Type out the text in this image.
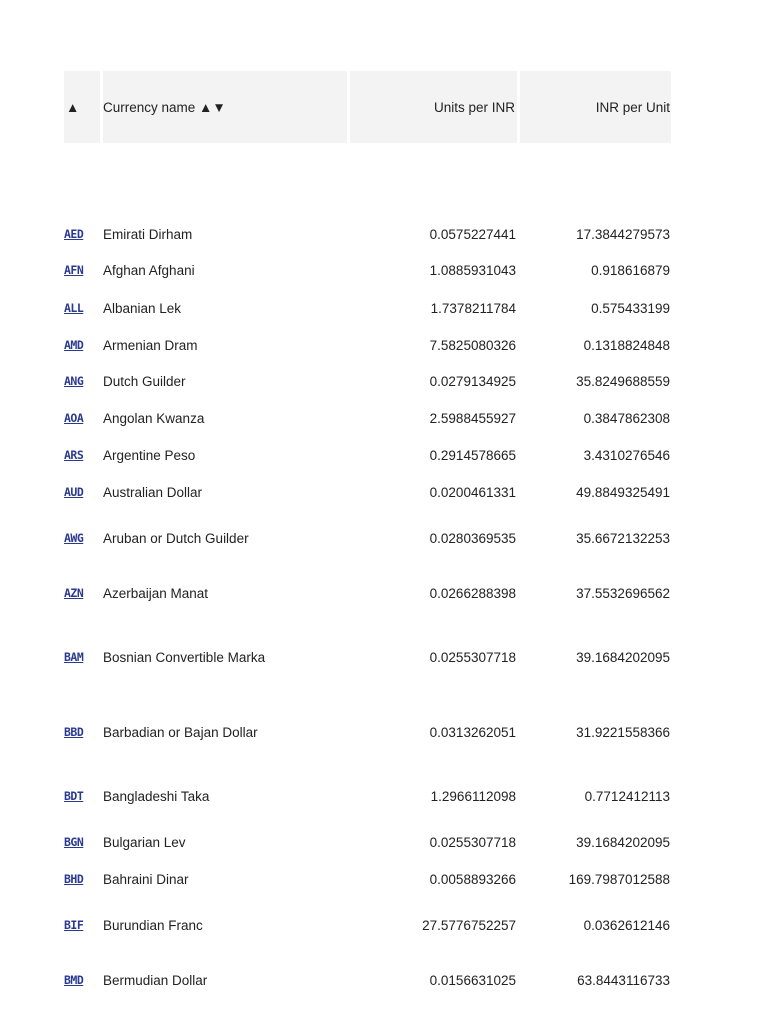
▲	Currency name ▲▼	Units per INR	INR per Unit
AED	Emirati Dirham	0.0575227441	17.3844279573
AFN	Afghan Afghani	1.0885931043	0.918616879
ALL	Albanian Lek	1.7378211784	0.575433199
AMD	Armenian Dram	7.5825080326	0.1318824848
ANG	Dutch Guilder	0.0279134925	35.8249688559
AOA	Angolan Kwanza	2.5988455927	0.3847862308
ARS	Argentine Peso	0.2914578665	3.4310276546
AUD	Australian Dollar	0.0200461331	49.8849325491
AWG	Aruban or Dutch Guilder	0.0280369535	35.6672132253
AZN	Azerbaijan Manat	0.0266288398	37.5532696562
BAM	Bosnian Convertible Marka	0.0255307718	39.1684202095
BBD	Barbadian or Bajan Dollar	0.0313262051	31.9221558366
BDT	Bangladeshi Taka	1.2966112098	0.7712412113
BGN	Bulgarian Lev	0.0255307718	39.1684202095
BHD	Bahraini Dinar	0.0058893266	169.7987012588
BIF	Burundian Franc	27.5776752257	0.0362612146
BMD	Bermudian Dollar	0.0156631025	63.8443116733
